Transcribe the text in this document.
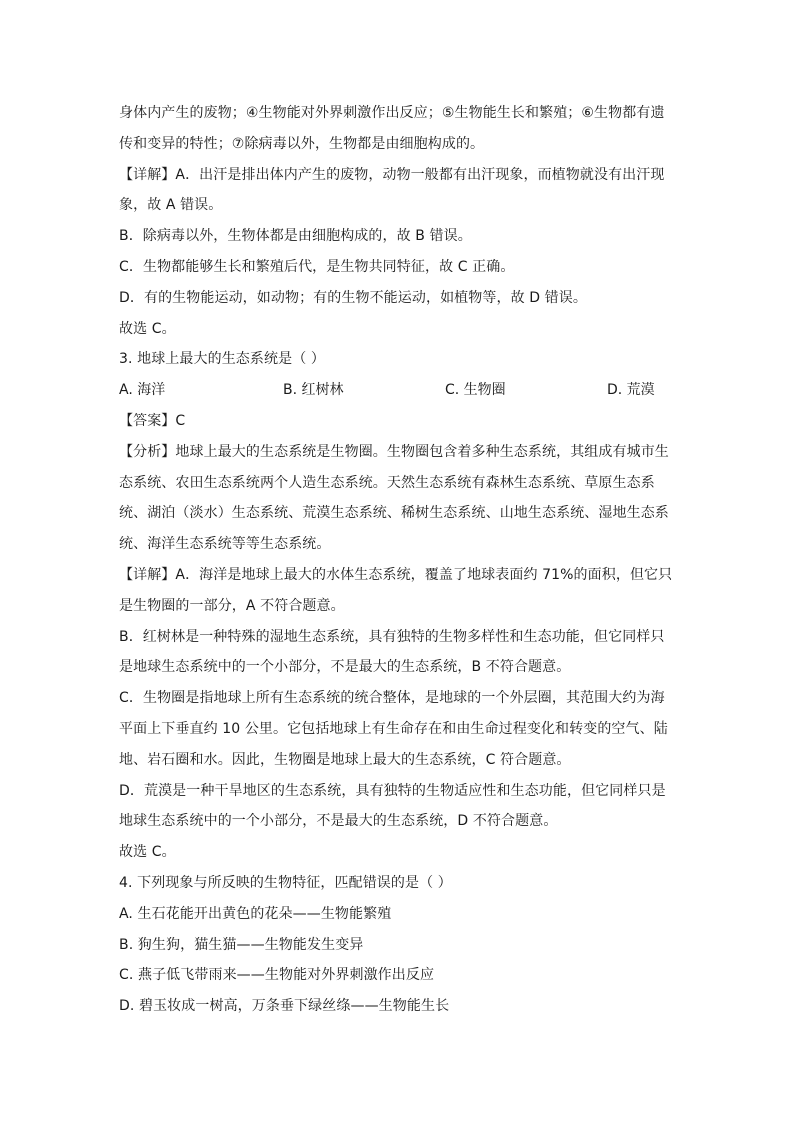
身体内产生的废物；④生物能对外界刺激作出反应；⑤生物能生长和繁殖；⑥生物都有遗
传和变异的特性；⑦除病毒以外，生物都是由细胞构成的。
【详解】A．出汗是排出体内产生的废物，动物一般都有出汗现象，而植物就没有出汗现
象，故 A 错误。
B．除病毒以外，生物体都是由细胞构成的，故 B 错误。
C．生物都能够生长和繁殖后代，是生物共同特征，故 C 正确。
D．有的生物能运动，如动物；有的生物不能运动，如植物等，故 D 错误。
故选 C。
3. 地球上最大的生态系统是（ ）
A. 海洋	B. 红树林	C. 生物圈	D. 荒漠
【答案】C
【分析】地球上最大的生态系统是生物圈。生物圈包含着多种生态系统，其组成有城市生
态系统、农田生态系统两个人造生态系统。天然生态系统有森林生态系统、草原生态系
统、湖泊（淡水）生态系统、荒漠生态系统、稀树生态系统、山地生态系统、湿地生态系
统、海洋生态系统等等生态系统。
【详解】A．海洋是地球上最大的水体生态系统，覆盖了地球表面约 71%的面积，但它只
是生物圈的一部分，A 不符合题意。
B．红树林是一种特殊的湿地生态系统，具有独特的生物多样性和生态功能，但它同样只
是地球生态系统中的一个小部分，不是最大的生态系统，B 不符合题意。
C．生物圈是指地球上所有生态系统的统合整体，是地球的一个外层圈，其范围大约为海
平面上下垂直约 10 公里。它包括地球上有生命存在和由生命过程变化和转变的空气、陆
地、岩石圈和水。因此，生物圈是地球上最大的生态系统，C 符合题意。
D．荒漠是一种干旱地区的生态系统，具有独特的生物适应性和生态功能，但它同样只是
地球生态系统中的一个小部分，不是最大的生态系统，D 不符合题意。
故选 C。
4. 下列现象与所反映的生物特征，匹配错误的是（ ）
A. 生石花能开出黄色的花朵——生物能繁殖
B. 狗生狗，猫生猫——生物能发生变异
C. 燕子低飞带雨来——生物能对外界刺激作出反应
D. 碧玉妆成一树高，万条垂下绿丝绦——生物能生长
